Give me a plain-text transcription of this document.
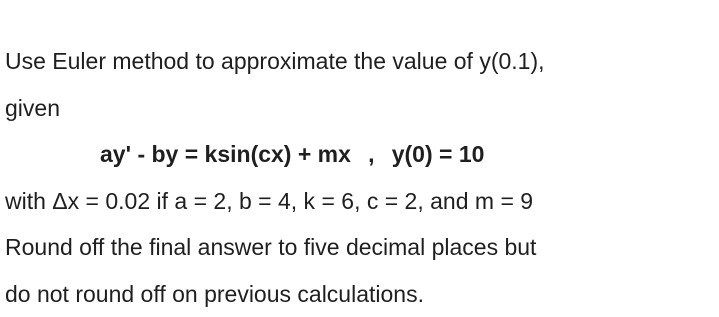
Use Euler method to approximate the value of y(0.1),

given

ay' - by = ksin(cx) + mx , y(0) = 10

with Δx = 0.02 if a = 2, b = 4, k = 6, c = 2, and m = 9

Round off the final answer to five decimal places but

do not round off on previous calculations.
